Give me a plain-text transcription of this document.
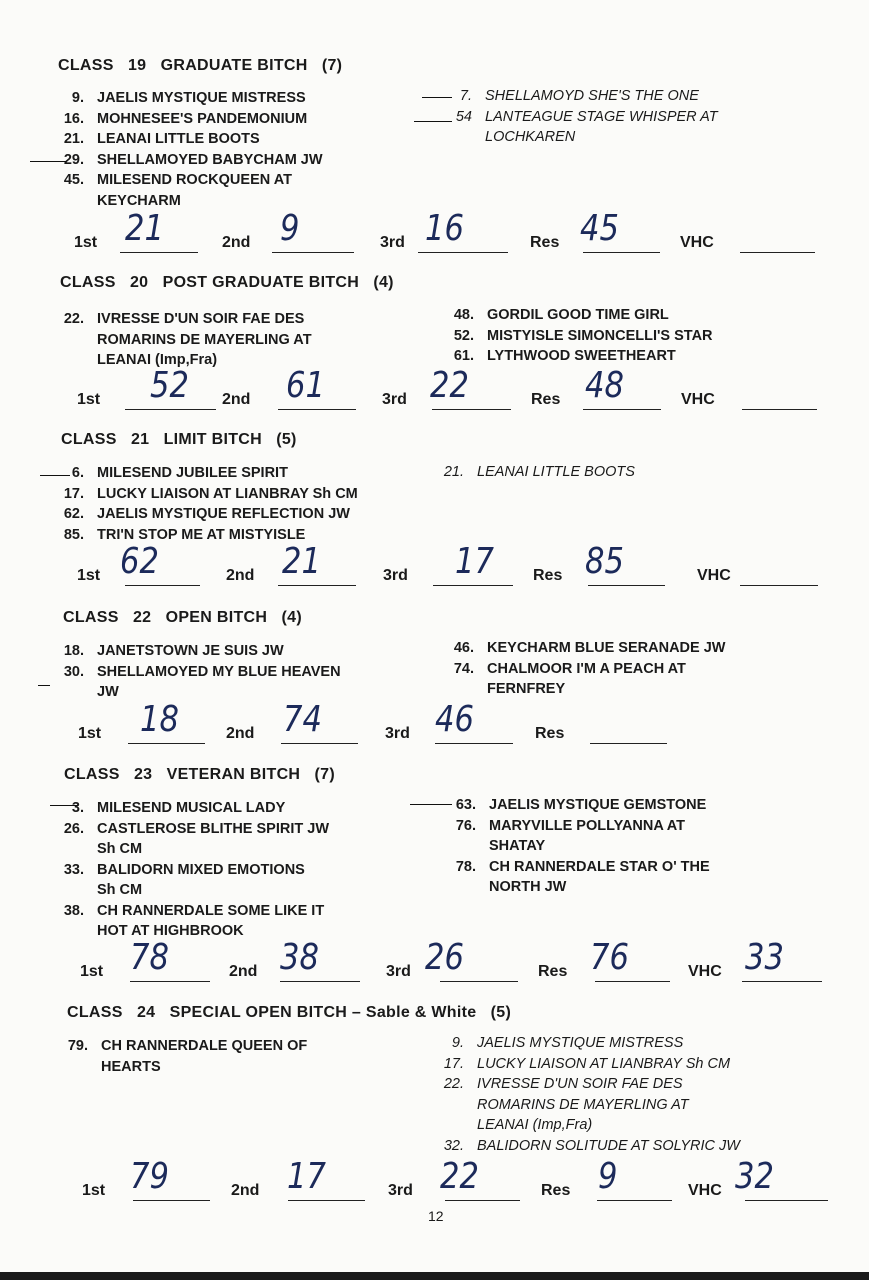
CLASS   19   GRADUATE BITCH   (7)
9. JAELIS MYSTIQUE MISTRESS
16. MOHNESEE'S PANDEMONIUM
21. LEANAI LITTLE BOOTS
29. SHELLAMOYED BABYCHAM JW
45. MILESEND ROCKQUEEN AT
KEYCHARM
7. SHELLAMOYD SHE'S THE ONE
54 LANTEAGUE STAGE WHISPER AT
LOCHKAREN
1st 21	2nd 9	3rd 16	Res 45	VHC
CLASS   20   POST GRADUATE BITCH   (4)
22. IVRESSE D'UN SOIR FAE DES
ROMARINS DE MAYERLING AT
LEANAI (Imp,Fra)
48. GORDIL GOOD TIME GIRL
52. MISTYISLE SIMONCELLI'S STAR
61. LYTHWOOD SWEETHEART
1st 52 2nd 61	3rd 22	Res 48	VHC
CLASS   21   LIMIT BITCH   (5)
6. MILESEND JUBILEE SPIRIT
17. LUCKY LIAISON AT LIANBRAY Sh CM
62. JAELIS MYSTIQUE REFLECTION JW
85. TRI'N STOP ME AT MISTYISLE
21. LEANAI LITTLE BOOTS
1st 62	2nd 21	3rd 17 Res 85	VHC
CLASS   22   OPEN BITCH   (4)
18. JANETSTOWN JE SUIS JW
30. SHELLAMOYED MY BLUE HEAVEN
JW
46. KEYCHARM BLUE SERANADE JW
74. CHALMOOR I'M A PEACH AT
FERNFREY
1st 18	2nd 74	3rd 46	Res
CLASS   23   VETERAN BITCH   (7)
3. MILESEND MUSICAL LADY
26. CASTLEROSE BLITHE SPIRIT JW
Sh CM
33. BALIDORN MIXED EMOTIONS
Sh CM
38. CH RANNERDALE SOME LIKE IT
HOT AT HIGHBROOK
63. JAELIS MYSTIQUE GEMSTONE
76. MARYVILLE POLLYANNA AT
SHATAY
78. CH RANNERDALE STAR O' THE
NORTH JW
1st 78	2nd 38	3rd 26	Res 76	VHC 33
CLASS   24   SPECIAL OPEN BITCH – Sable & White   (5)
79. CH RANNERDALE QUEEN OF
HEARTS
9. JAELIS MYSTIQUE MISTRESS
17. LUCKY LIAISON AT LIANBRAY Sh CM
22. IVRESSE D'UN SOIR FAE DES
ROMARINS DE MAYERLING AT
LEANAI (Imp,Fra)
32. BALIDORN SOLITUDE AT SOLYRIC JW
1st 79	2nd 17	3rd 22	Res 9	VHC 32
12
